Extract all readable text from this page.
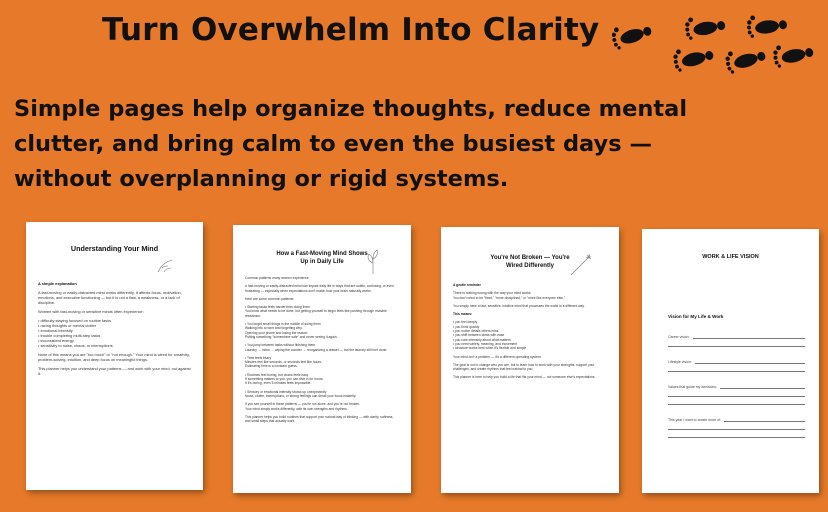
Turn Overwhelm Into Clarity
Simple pages help organize thoughts, reduce mental clutter, and bring calm to even the busiest days — without overplanning or rigid systems.
Understanding Your Mind

A simple explanation

A fast-moving or easily-distracted mind works differently. It affects focus, motivation, emotions, and executive functioning — but it is not a flaw, a weakness, or a lack of discipline.

Women with fast-moving or sensitive minds often experience:

• difficulty staying focused on routine tasks
• racing thoughts or mental clutter
• emotional intensity
• trouble completing multi-step tasks
• inconsistent energy
• sensitivity to noise, chaos, or interruptions

None of this means you are "too much" or "not enough." Your mind is wired for creativity, problem-solving, intuition, and deep focus on meaningful things.

This planner helps you understand your patterns — and work with your mind, not against it.

How a Fast-Moving Mind Shows Up in Daily Life

Common patterns many women experience

A fast-moving or easily-distracted mind can impact daily life in ways that are subtle, confusing, or even frustrating — especially when expectations don't match how your brain naturally works.

Here are some common patterns:

• Starting tasks feels harder than doing them
You know what needs to be done, but getting yourself to begin feels like pushing through invisible resistance.

• You forget small things in the middle of doing them
Walking into a room and forgetting why.
Opening your phone and losing the reason.
Putting something "somewhere safe" and never seeing it again.

• You jump between tasks without finishing them
Laundry → inbox → wiping the counter → reorganizing a drawer — but the laundry still isn't done.

• Time feels blurry
Minutes feel like seconds, or seconds feel like hours.
Estimating time is a constant guess.

• Routines feel boring, but chaos feels easy
If something matters to you, you can dive in for hours.
If it's boring, even 5 minutes feels impossible.

• Sensory or emotional intensity shows up unexpectedly
Noise, clutter, interruptions, or strong feelings can derail your focus instantly.

If you see yourself in these patterns — you're not alone, and you're not broken.
Your mind simply works differently, with its own strengths and rhythms.

This planner helps you build routines that support your natural way of thinking — with clarity, softness, and small steps that actually work.

You're Not Broken — You're Wired Differently

A gentle reminder

There is nothing wrong with the way your mind works.
You don't need to be "fixed," "more disciplined," or "more like everyone else."

You simply have a fast, sensitive, intuitive mind that processes the world in a different way.

This means:

• you feel deeply
• you think quickly
• you notice details others miss
• you shift between ideas with ease
• you care intensely about what matters
• you need variety, meaning, and movement
• structure works best when it's flexible and simple

Your mind isn't a problem — it's a different operating system.

The goal is not to change who you are, but to learn how to work with your strengths, support your challenges, and create rhythms that feel natural to you.

This planner is here to help you build a life that fits your mind — not someone else's expectations.

WORK & LIFE VISION
Vision for My Life & Work
Career vision:
Lifestyle vision:
Values that guide my decisions:
This year I want to create more of:
